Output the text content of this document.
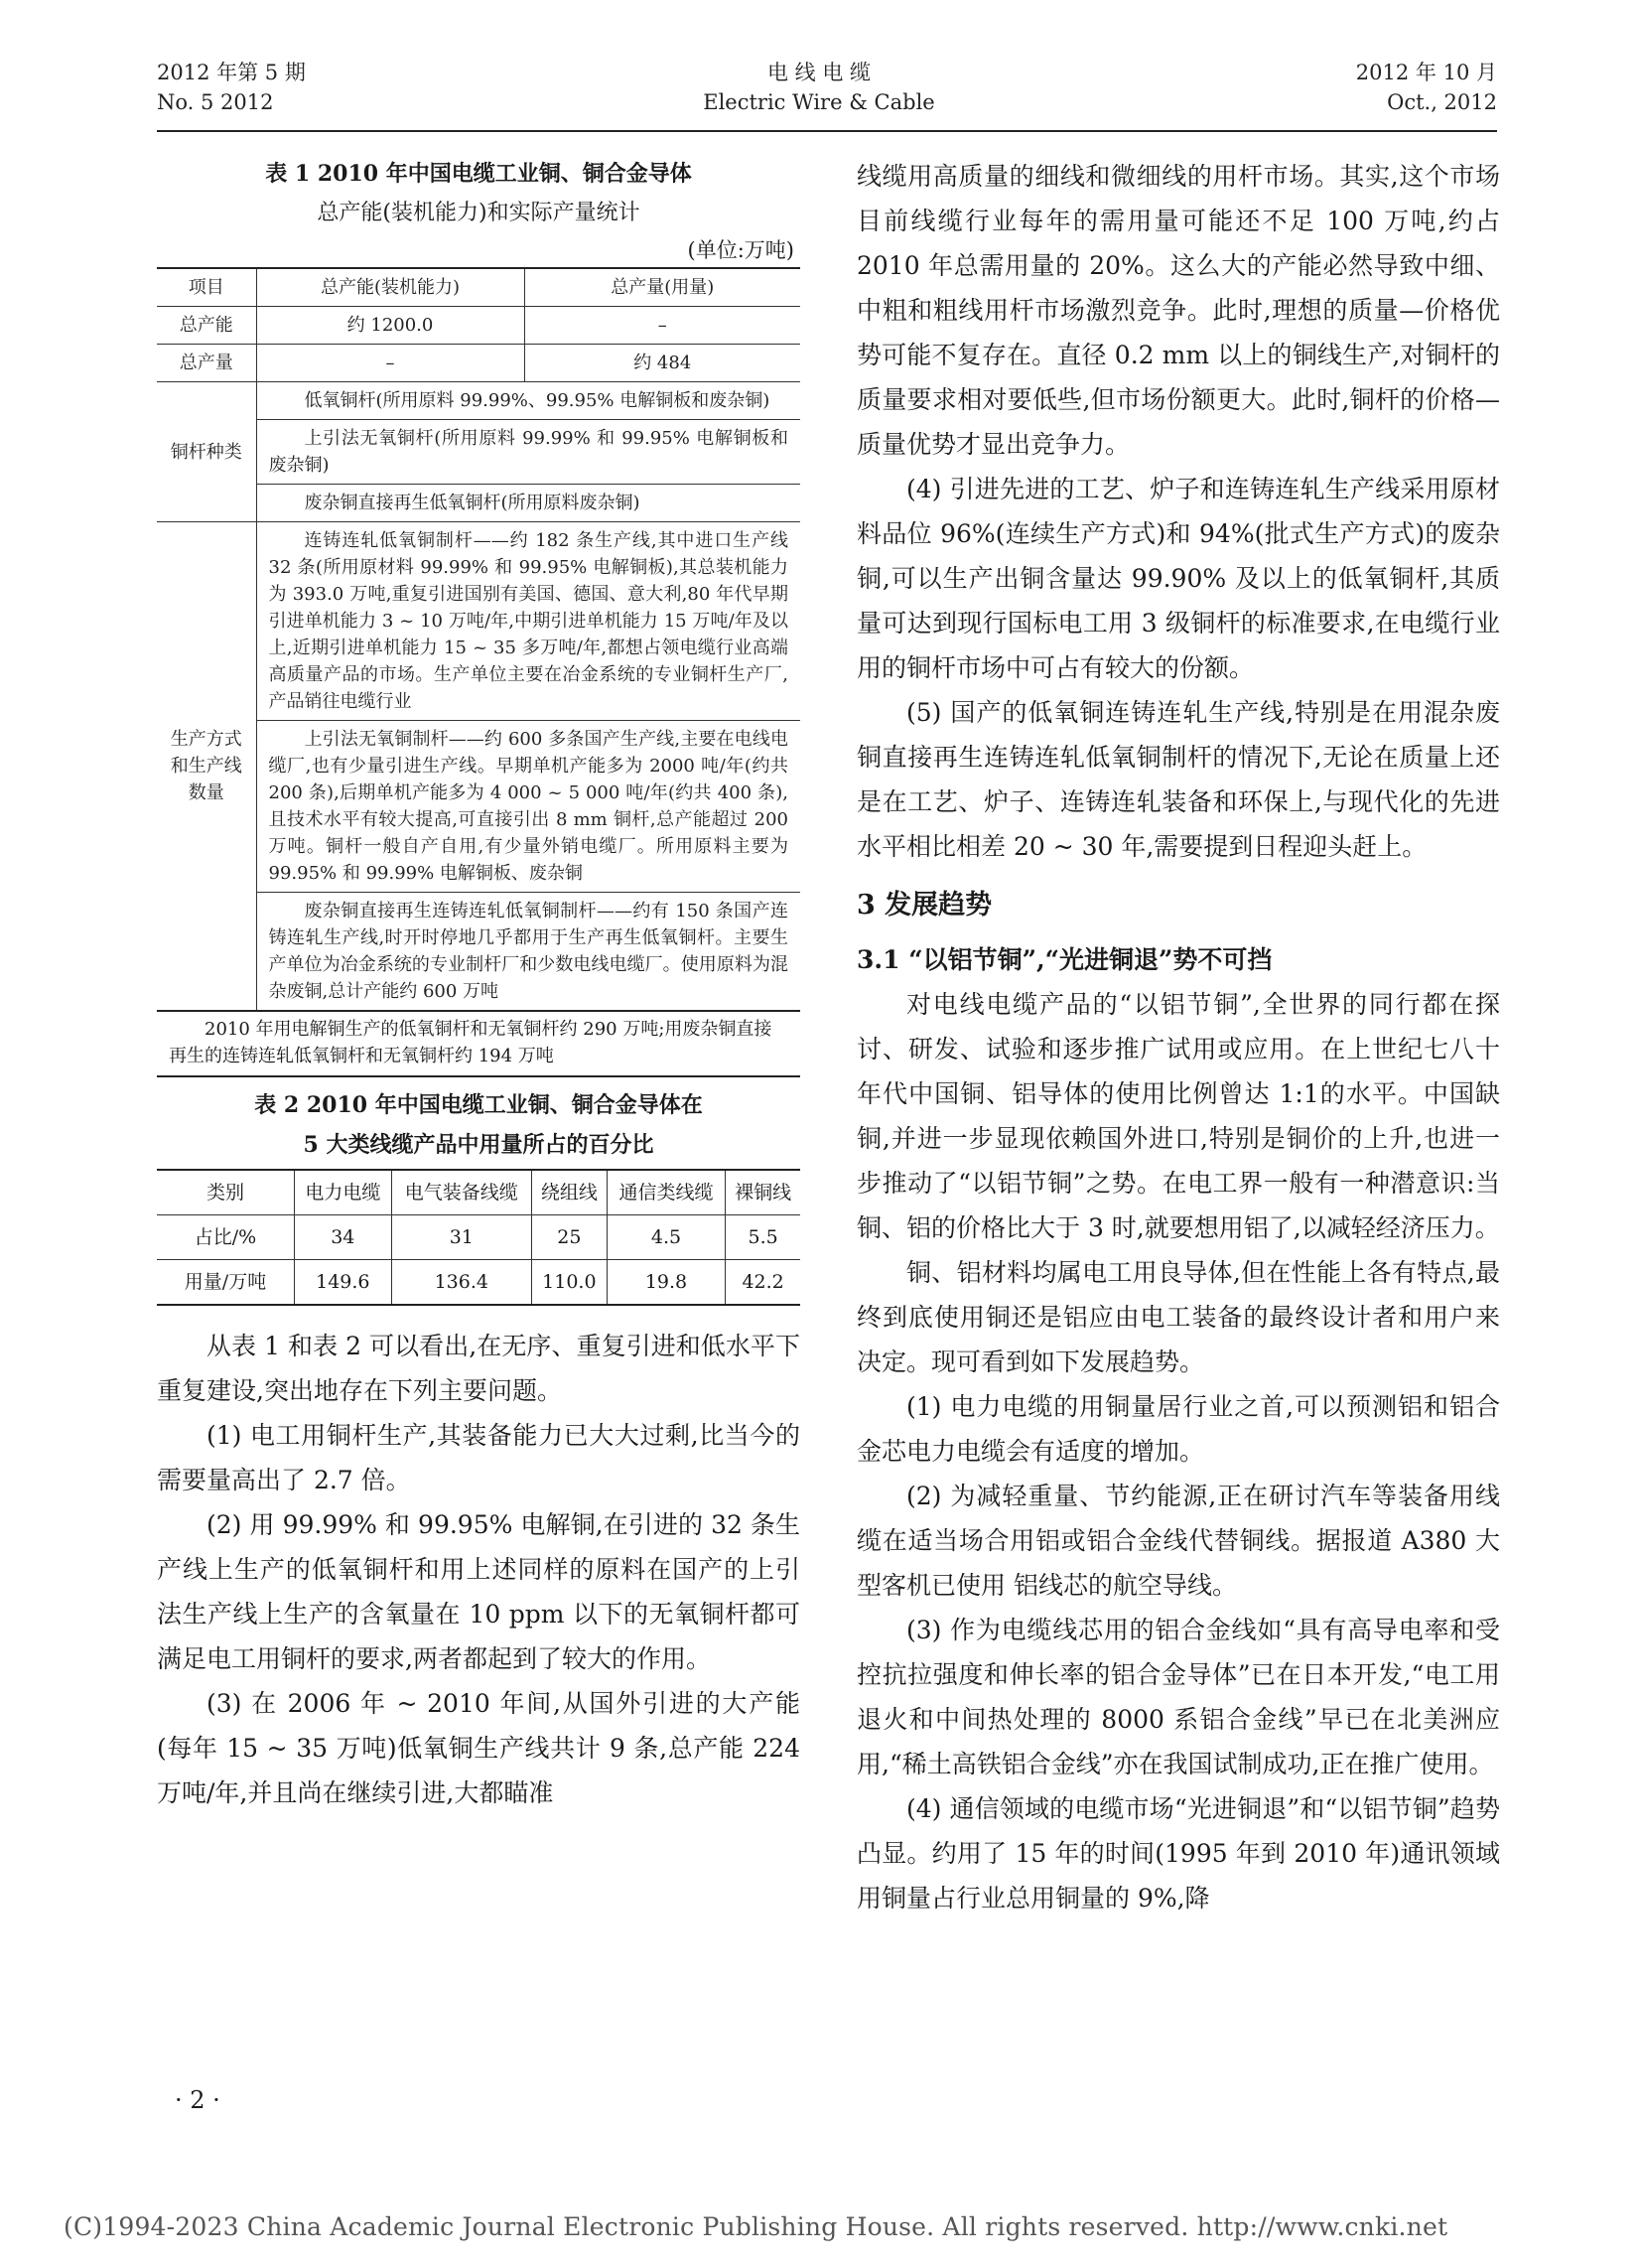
2012 年第 5 期
No. 5 2012
电 线 电 缆
Electric Wire & Cable
2012 年 10 月
Oct., 2012
表 1 2010 年中国电缆工业铜、铜合金导体
总产能(装机能力)和实际产量统计
(单位:万吨)
项目	总产能(装机能力)	总产量(用量)
总产能	约 1200.0	–
总产量	–	约 484
铜杆种类	低氧铜杆(所用原料 99.99%、99.95% 电解铜板和废杂铜)	
	上引法无氧铜杆(所用原料 99.99% 和 99.95% 电解铜板和废杂铜)	
	废杂铜直接再生低氧铜杆(所用原料废杂铜)	
生产方式和生产线数量	连铸连轧低氧铜制杆——约 182 条生产线,其中进口生产线 32 条(所用原材料 99.99% 和 99.95% 电解铜板),其总装机能力为 393.0 万吨,重复引进国别有美国、德国、意大利,80 年代早期引进单机能力 3 ~ 10 万吨/年,中期引进单机能力 15 万吨/年及以上,近期引进单机能力 15 ~ 35 多万吨/年,都想占领电缆行业高端高质量产品的市场。生产单位主要在冶金系统的专业铜杆生产厂,产品销往电缆行业	
	上引法无氧铜制杆——约 600 多条国产生产线,主要在电线电缆厂,也有少量引进生产线。早期单机产能多为 2000 吨/年(约共 200 条),后期单机产能多为 4 000 ~ 5 000 吨/年(约共 400 条),且技术水平有较大提高,可直接引出 8 mm 铜杆,总产能超过 200 万吨。铜杆一般自产自用,有少量外销电缆厂。所用原料主要为 99.95% 和 99.99% 电解铜板、废杂铜	
	废杂铜直接再生连铸连轧低氧铜制杆——约有 150 条国产连铸连轧生产线,时开时停地几乎都用于生产再生低氧铜杆。主要生产单位为冶金系统的专业制杆厂和少数电线电缆厂。使用原料为混杂废铜,总计产能约 600 万吨	
2010 年用电解铜生产的低氧铜杆和无氧铜杆约 290 万吨;用废杂铜直接再生的连铸连轧低氧铜杆和无氧铜杆约 194 万吨
表 2 2010 年中国电缆工业铜、铜合金导体在
5 大类线缆产品中用量所占的百分比
类别	电力电缆	电气装备线缆	绕组线	通信类线缆	裸铜线
占比/%	34	31	25	4.5	5.5
用量/万吨	149.6	136.4	110.0	19.8	42.2

从表 1 和表 2 可以看出,在无序、重复引进和低水平下重复建设,突出地存在下列主要问题。

(1) 电工用铜杆生产,其装备能力已大大过剩,比当今的需要量高出了 2.7 倍。

(2) 用 99.99% 和 99.95% 电解铜,在引进的 32 条生产线上生产的低氧铜杆和用上述同样的原料在国产的上引法生产线上生产的含氧量在 10 ppm 以下的无氧铜杆都可满足电工用铜杆的要求,两者都起到了较大的作用。

(3) 在 2006 年 ~ 2010 年间,从国外引进的大产能(每年 15 ~ 35 万吨)低氧铜生产线共计 9 条,总产能 224 万吨/年,并且尚在继续引进,大都瞄准

线缆用高质量的细线和微细线的用杆市场。其实,这个市场目前线缆行业每年的需用量可能还不足 100 万吨,约占 2010 年总需用量的 20%。这么大的产能必然导致中细、中粗和粗线用杆市场激烈竞争。此时,理想的质量—价格优势可能不复存在。直径 0.2 mm 以上的铜线生产,对铜杆的质量要求相对要低些,但市场份额更大。此时,铜杆的价格—质量优势才显出竞争力。

(4) 引进先进的工艺、炉子和连铸连轧生产线采用原材料品位 96%(连续生产方式)和 94%(批式生产方式)的废杂铜,可以生产出铜含量达 99.90% 及以上的低氧铜杆,其质量可达到现行国标电工用 3 级铜杆的标准要求,在电缆行业用的铜杆市场中可占有较大的份额。

(5) 国产的低氧铜连铸连轧生产线,特别是在用混杂废铜直接再生连铸连轧低氧铜制杆的情况下,无论在质量上还是在工艺、炉子、连铸连轧装备和环保上,与现代化的先进水平相比相差 20 ~ 30 年,需要提到日程迎头赶上。

3 发展趋势
3.1 “以铝节铜”,“光进铜退”势不可挡

对电线电缆产品的“以铝节铜”,全世界的同行都在探讨、研发、试验和逐步推广试用或应用。在上世纪七八十年代中国铜、铝导体的使用比例曾达 1:1的水平。中国缺铜,并进一步显现依赖国外进口,特别是铜价的上升,也进一步推动了“以铝节铜”之势。在电工界一般有一种潜意识:当铜、铝的价格比大于 3 时,就要想用铝了,以减轻经济压力。

铜、铝材料均属电工用良导体,但在性能上各有特点,最终到底使用铜还是铝应由电工装备的最终设计者和用户来决定。现可看到如下发展趋势。

(1) 电力电缆的用铜量居行业之首,可以预测铝和铝合金芯电力电缆会有适度的增加。

(2) 为减轻重量、节约能源,正在研讨汽车等装备用线缆在适当场合用铝或铝合金线代替铜线。据报道 A380 大型客机已使用 铝线芯的航空导线。

(3) 作为电缆线芯用的铝合金线如“具有高导电率和受控抗拉强度和伸长率的铝合金导体”已在日本开发,“电工用退火和中间热处理的 8000 系铝合金线”早已在北美洲应用,“稀土高铁铝合金线”亦在我国试制成功,正在推广使用。

(4) 通信领域的电缆市场“光进铜退”和“以铝节铜”趋势凸显。约用了 15 年的时间(1995 年到 2010 年)通讯领域用铜量占行业总用铜量的 9%,降

· 2 ·
(C)1994-2023 China Academic Journal Electronic Publishing House. All rights reserved. http://www.cnki.net
